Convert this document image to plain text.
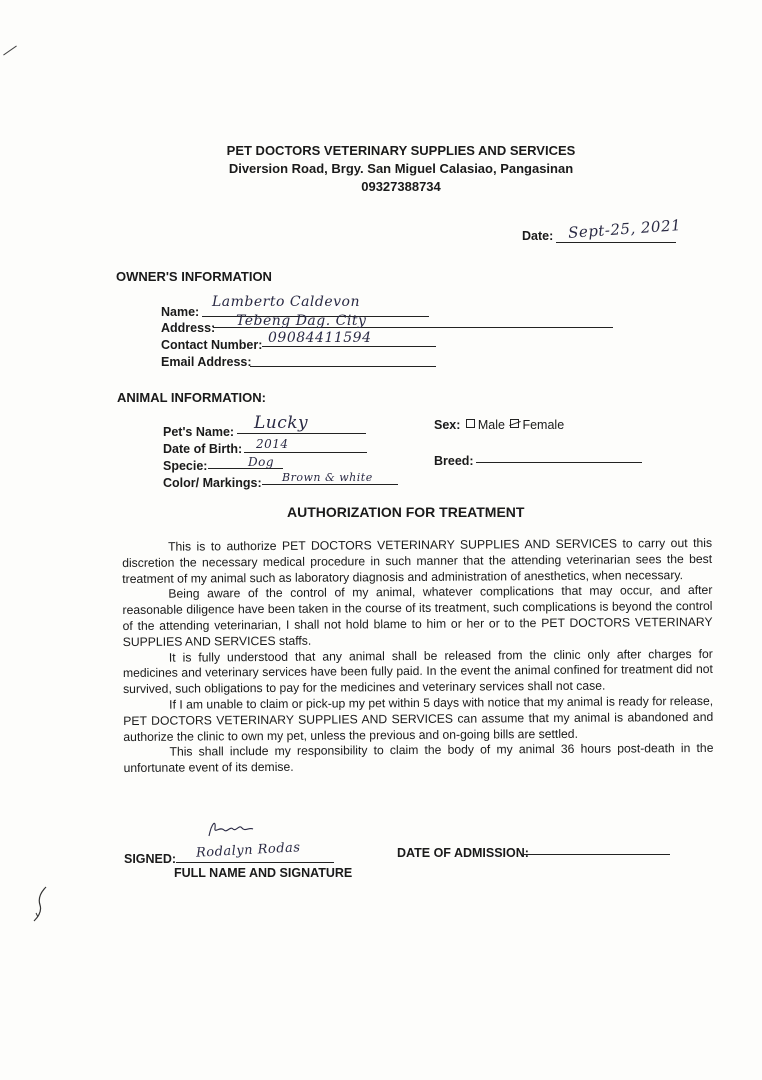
PET DOCTORS VETERINARY SUPPLIES AND SERVICES
Diversion Road, Brgy. San Miguel Calasiao, Pangasinan
09327388734
Date: Sept-25, 2021
OWNER'S INFORMATION
Name:
Lamberto Caldevon
Address: Tebeng Dag. City
Contact Number: 09084411594
Email Address:
ANIMAL INFORMATION:
Pet's Name: Lucky
Date of Birth: 2014
Specie:	Dog
Color/ Markings: Brown & white
Sex: Male Female
Breed:
AUTHORIZATION FOR TREATMENT

This is to authorize PET DOCTORS VETERINARY SUPPLIES AND SERVICES to carry out this discretion the necessary medical procedure in such manner that the attending veterinarian sees the best treatment of my animal such as laboratory diagnosis and administration of anesthetics, when necessary.

Being aware of the control of my animal, whatever complications that may occur, and after reasonable diligence have been taken in the course of its treatment, such complications is beyond the control of the attending veterinarian, I shall not hold blame to him or her or to the PET DOCTORS VETERINARY SUPPLIES AND SERVICES staffs.

It is fully understood that any animal shall be released from the clinic only after charges for medicines and veterinary services have been fully paid. In the event the animal confined for treatment did not survived, such obligations to pay for the medicines and veterinary services shall not case.

If I am unable to claim or pick-up my pet within 5 days with notice that my animal is ready for release, PET DOCTORS VETERINARY SUPPLIES AND SERVICES can assume that my animal is abandoned and authorize the clinic to own my pet, unless the previous and on-going bills are settled.

This shall include my responsibility to claim the body of my animal 36 hours post-death in the unfortunate event of its demise.

SIGNED: Rodalyn Rodas
FULL NAME AND SIGNATURE
DATE OF ADMISSION:
